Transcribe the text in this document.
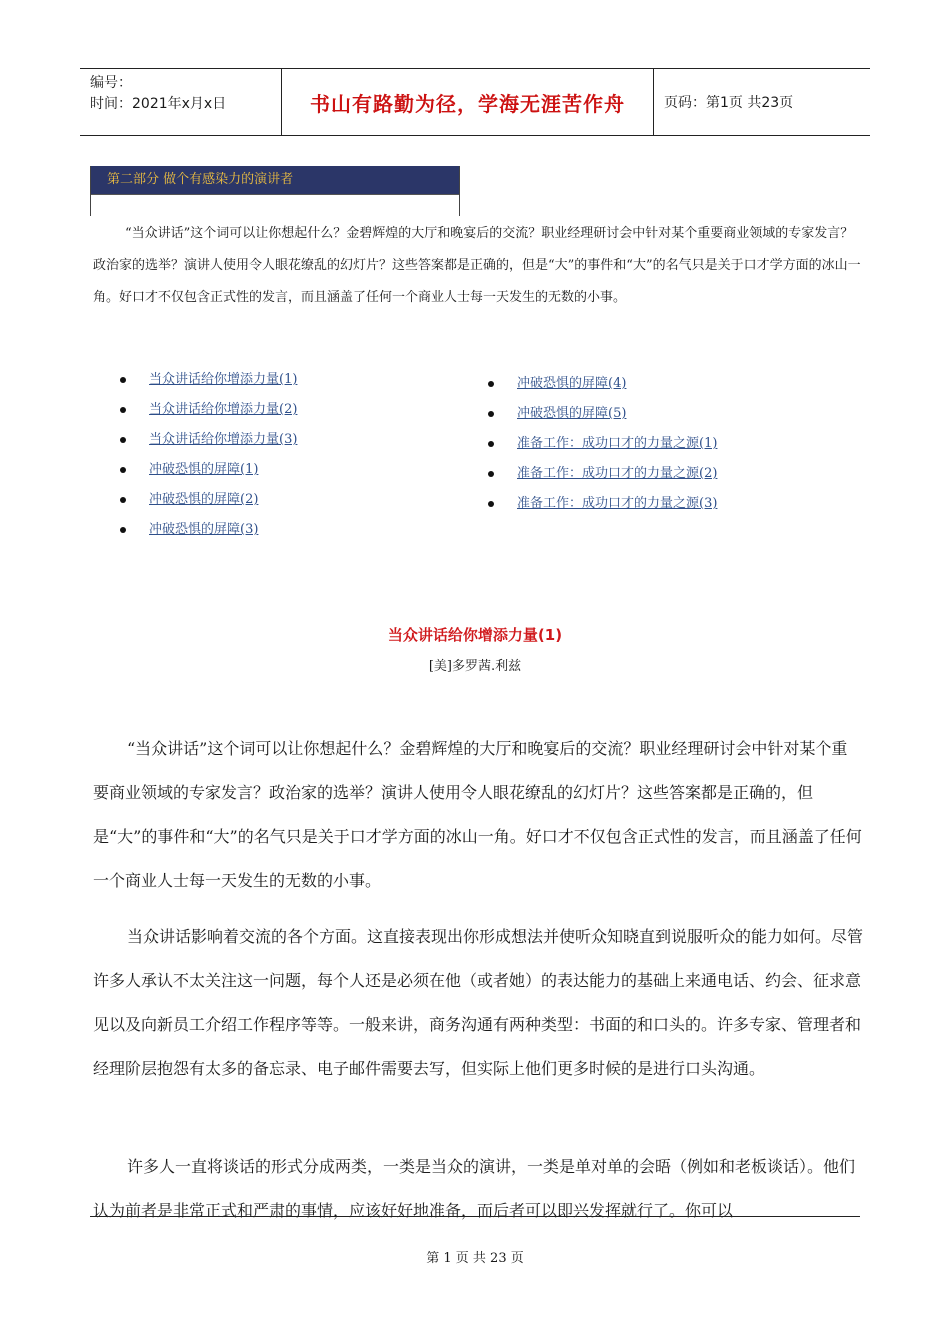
编号：
时间：2021年x月x日	书山有路勤为径，学海无涯苦作舟	页码：第1页 共23页
第二部分 做个有感染力的演讲者

“当众讲话”这个词可以让你想起什么？金碧辉煌的大厅和晚宴后的交流？职业经理研讨会中针对某个重要商业领域的专家发言？政治家的选举？演讲人使用令人眼花缭乱的幻灯片？这些答案都是正确的，但是“大”的事件和“大”的名气只是关于口才学方面的冰山一角。好口才不仅包含正式性的发言，而且涵盖了任何一个商业人士每一天发生的无数的小事。

当众讲话给你增添力量(1)
当众讲话给你增添力量(2)
当众讲话给你增添力量(3)
冲破恐惧的屏障(1)
冲破恐惧的屏障(2)
冲破恐惧的屏障(3)
冲破恐惧的屏障(4)
冲破恐惧的屏障(5)
准备工作：成功口才的力量之源(1)
准备工作：成功口才的力量之源(2)
准备工作：成功口才的力量之源(3)
当众讲话给你增添力量(1)
[美]多罗茜.利兹

“当众讲话”这个词可以让你想起什么？金碧辉煌的大厅和晚宴后的交流？职业经理研讨会中针对某个重要商业领域的专家发言？政治家的选举？演讲人使用令人眼花缭乱的幻灯片？这些答案都是正确的，但是“大”的事件和“大”的名气只是关于口才学方面的冰山一角。好口才不仅包含正式性的发言，而且涵盖了任何一个商业人士每一天发生的无数的小事。

当众讲话影响着交流的各个方面。这直接表现出你形成想法并使听众知晓直到说服听众的能力如何。尽管许多人承认不太关注这一问题，每个人还是必须在他（或者她）的表达能力的基础上来通电话、约会、征求意见以及向新员工介绍工作程序等等。一般来讲，商务沟通有两种类型：书面的和口头的。许多专家、管理者和经理阶层抱怨有太多的备忘录、电子邮件需要去写，但实际上他们更多时候的是进行口头沟通。

许多人一直将谈话的形式分成两类，一类是当众的演讲，一类是单对单的会晤（例如和老板谈话）。他们认为前者是非常正式和严肃的事情，应该好好地准备，而后者可以即兴发挥就行了。你可以

第 1 页 共 23 页
